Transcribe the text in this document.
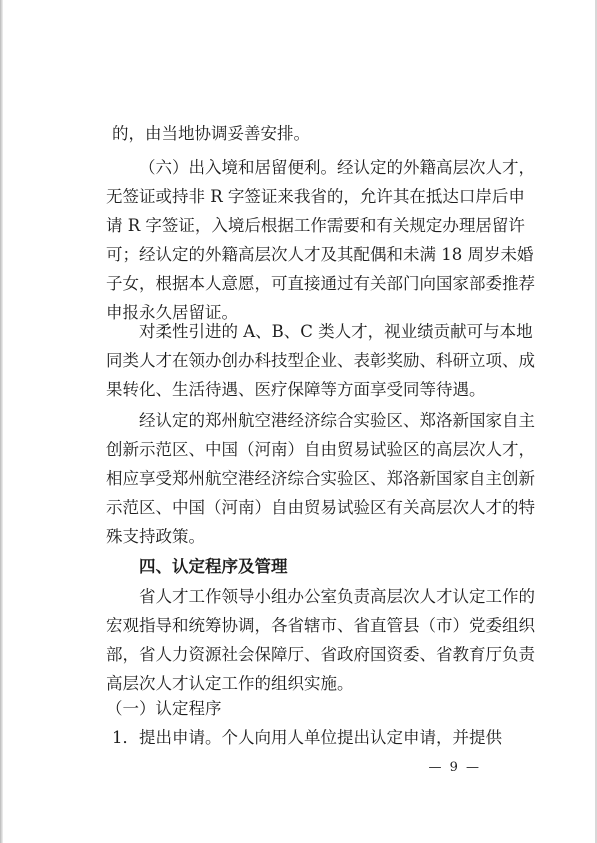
的，由当地协调妥善安排。
（六）出入境和居留便利。经认定的外籍高层次人才，
无签证或持非 R 字签证来我省的，允许其在抵达口岸后申
请 R 字签证，入境后根据工作需要和有关规定办理居留许
可；经认定的外籍高层次人才及其配偶和未满 18 周岁未婚
子女，根据本人意愿，可直接通过有关部门向国家部委推荐
申报永久居留证。
对柔性引进的 A、B、C 类人才，视业绩贡献可与本地
同类人才在领办创办科技型企业、表彰奖励、科研立项、成
果转化、生活待遇、医疗保障等方面享受同等待遇。
经认定的郑州航空港经济综合实验区、郑洛新国家自主
创新示范区、中国（河南）自由贸易试验区的高层次人才，
相应享受郑州航空港经济综合实验区、郑洛新国家自主创新
示范区、中国（河南）自由贸易试验区有关高层次人才的特
殊支持政策。
四、认定程序及管理
省人才工作领导小组办公室负责高层次人才认定工作的
宏观指导和统筹协调，各省辖市、省直管县（市）党委组织
部，省人力资源社会保障厅、省政府国资委、省教育厅负责
高层次人才认定工作的组织实施。
（一）认定程序
1．提出申请。个人向用人单位提出认定申请，并提供
— 9 —
